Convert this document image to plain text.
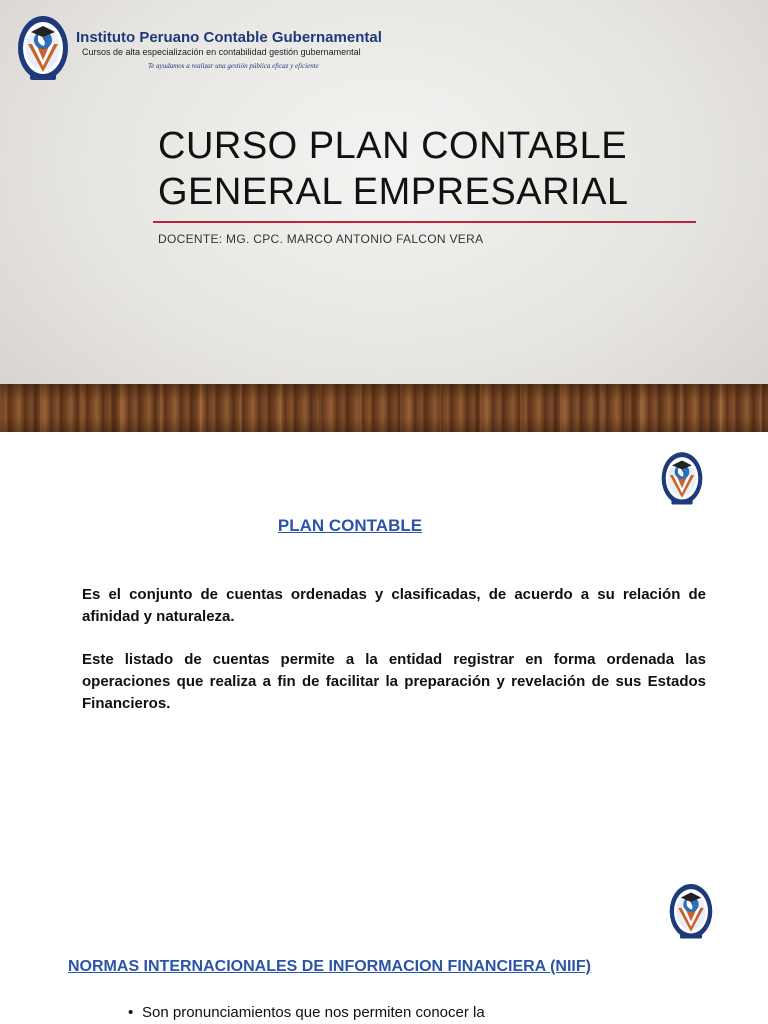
Instituto Peruano Contable Gubernamental
Cursos de alta especialización en contabilidad gestión gubernamental
Te ayudamos a realizar una gestión pública eficaz y eficiente
CURSO PLAN CONTABLE
GENERAL EMPRESARIAL
DOCENTE: MG. CPC. MARCO ANTONIO FALCON VERA
PLAN CONTABLE
Es el conjunto de cuentas ordenadas y clasificadas, de acuerdo a su relación de afinidad y naturaleza.
Este listado de cuentas permite a la entidad registrar en forma ordenada las operaciones que realiza a fin de facilitar la preparación y revelación de sus Estados Financieros.
NORMAS INTERNACIONALES DE INFORMACION FINANCIERA (NIIF)
• Son pronunciamientos que nos permiten conocer la
